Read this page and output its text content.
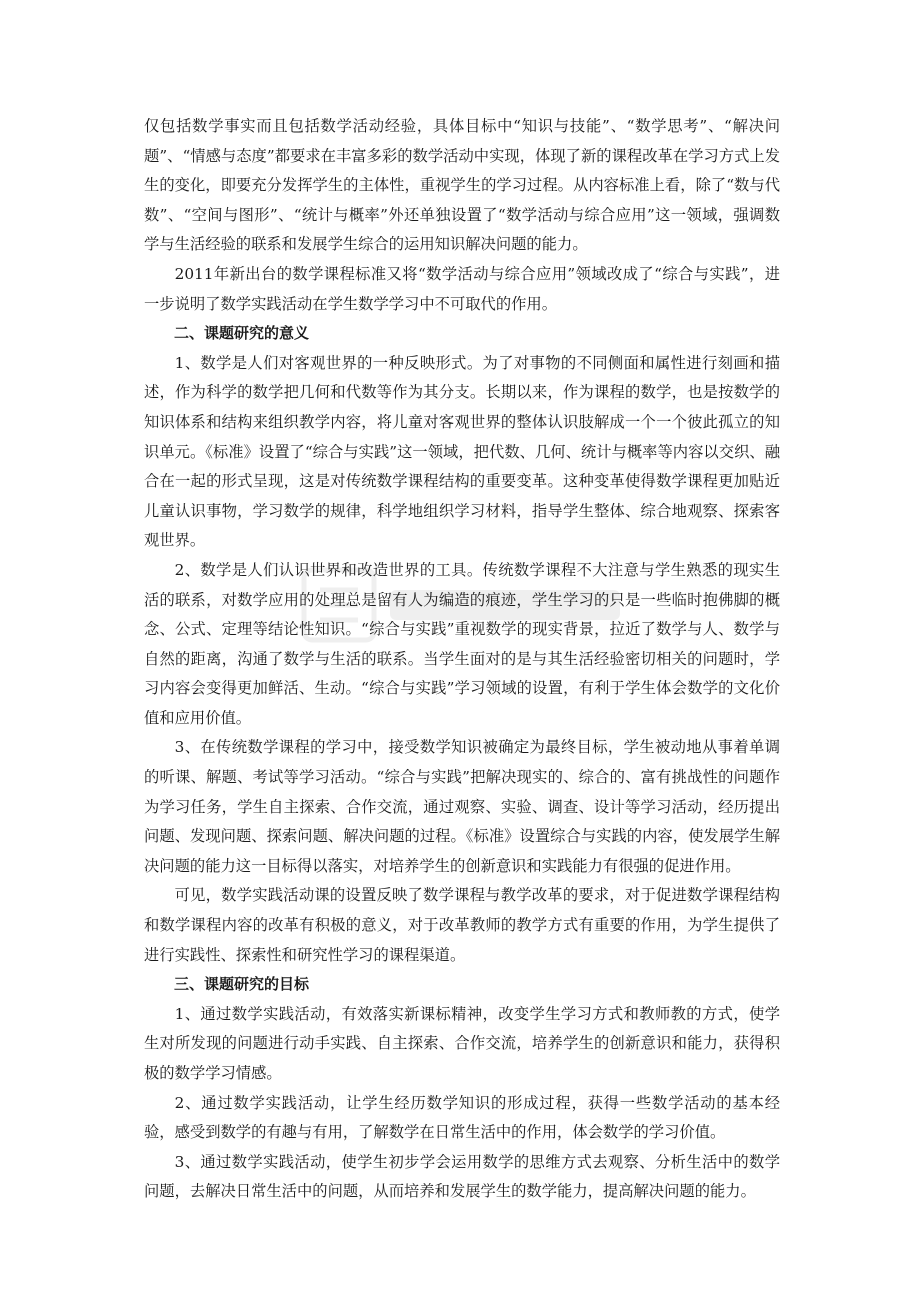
仅包括数学事实而且包括数学活动经验，具体目标中“知识与技能”、“数学思考”、“解决问题”、“情感与态度”都要求在丰富多彩的数学活动中实现，体现了新的课程改革在学习方式上发生的变化，即要充分发挥学生的主体性，重视学生的学习过程。从内容标准上看，除了“数与代数”、“空间与图形”、“统计与概率”外还单独设置了“数学活动与综合应用”这一领域，强调数学与生活经验的联系和发展学生综合的运用知识解决问题的能力。

2011年新出台的数学课程标准又将“数学活动与综合应用”领域改成了“综合与实践”，进一步说明了数学实践活动在学生数学学习中不可取代的作用。

二、课题研究的意义

1、数学是人们对客观世界的一种反映形式。为了对事物的不同侧面和属性进行刻画和描述，作为科学的数学把几何和代数等作为其分支。长期以来，作为课程的数学，也是按数学的知识体系和结构来组织教学内容，将儿童对客观世界的整体认识肢解成一个一个彼此孤立的知识单元。《标准》设置了“综合与实践”这一领域，把代数、几何、统计与概率等内容以交织、融合在一起的形式呈现，这是对传统数学课程结构的重要变革。这种变革使得数学课程更加贴近儿童认识事物，学习数学的规律，科学地组织学习材料，指导学生整体、综合地观察、探索客观世界。

2、数学是人们认识世界和改造世界的工具。传统数学课程不大注意与学生熟悉的现实生活的联系，对数学应用的处理总是留有人为编造的痕迹，学生学习的只是一些临时抱佛脚的概念、公式、定理等结论性知识。“综合与实践”重视数学的现实背景，拉近了数学与人、数学与自然的距离，沟通了数学与生活的联系。当学生面对的是与其生活经验密切相关的问题时，学习内容会变得更加鲜活、生动。“综合与实践”学习领域的设置，有利于学生体会数学的文化价值和应用价值。

3、在传统数学课程的学习中，接受数学知识被确定为最终目标，学生被动地从事着单调的听课、解题、考试等学习活动。“综合与实践”把解决现实的、综合的、富有挑战性的问题作为学习任务，学生自主探索、合作交流，通过观察、实验、调查、设计等学习活动，经历提出问题、发现问题、探索问题、解决问题的过程。《标准》设置综合与实践的内容，使发展学生解决问题的能力这一目标得以落实，对培养学生的创新意识和实践能力有很强的促进作用。

可见，数学实践活动课的设置反映了数学课程与教学改革的要求，对于促进数学课程结构和数学课程内容的改革有积极的意义，对于改革教师的教学方式有重要的作用，为学生提供了进行实践性、探索性和研究性学习的课程渠道。

三、课题研究的目标

1、通过数学实践活动，有效落实新课标精神，改变学生学习方式和教师教的方式，使学生对所发现的问题进行动手实践、自主探索、合作交流，培养学生的创新意识和能力，获得积极的数学学习情感。

2、通过数学实践活动，让学生经历数学知识的形成过程，获得一些数学活动的基本经验，感受到数学的有趣与有用，了解数学在日常生活中的作用，体会数学的学习价值。

3、通过数学实践活动，使学生初步学会运用数学的思维方式去观察、分析生活中的数学问题，去解决日常生活中的问题，从而培养和发展学生的数学能力，提高解决问题的能力。
